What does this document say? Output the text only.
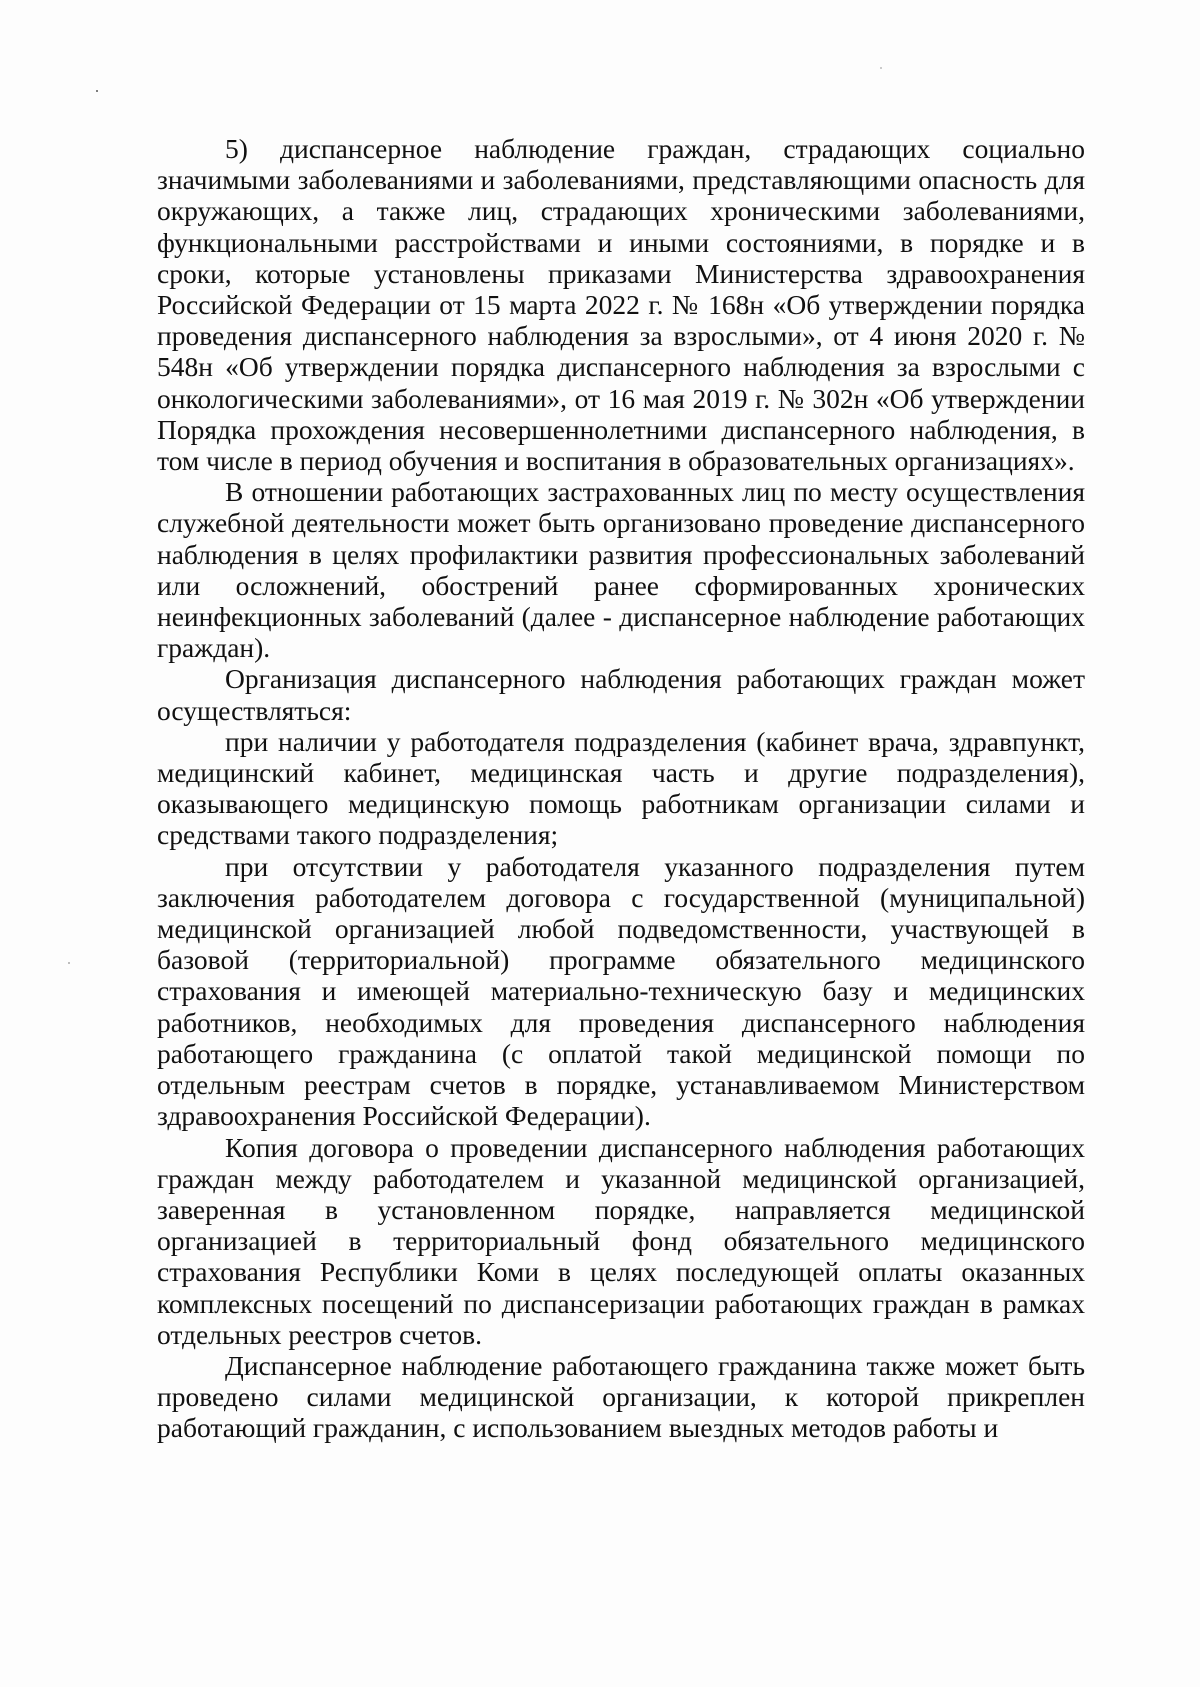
5) диспансерное наблюдение граждан, страдающих социально значимыми заболеваниями и заболеваниями, представляющими опасность для окружающих, а также лиц, страдающих хроническими заболеваниями, функциональными расстройствами и иными состояниями, в порядке и в сроки, которые установлены приказами Министерства здравоохранения Российской Федерации от 15 марта 2022 г. № 168н «Об утверждении порядка проведения диспансерного наблюдения за взрослыми», от 4 июня 2020 г. № 548н «Об утверждении порядка диспансерного наблюдения за взрослыми с онкологическими заболеваниями», от 16 мая 2019 г. № 302н «Об утверждении Порядка прохождения несовершеннолетними диспансерного наблюдения, в том числе в период обучения и воспитания в образовательных организациях».

В отношении работающих застрахованных лиц по месту осуществления служебной деятельности может быть организовано проведение диспансерного наблюдения в целях профилактики развития профессиональных заболеваний или осложнений, обострений ранее сформированных хронических неинфекционных заболеваний (далее - диспансерное наблюдение работающих граждан).

Организация диспансерного наблюдения работающих граждан может осуществляться:

при наличии у работодателя подразделения (кабинет врача, здравпункт, медицинский кабинет, медицинская часть и другие подразделения), оказывающего медицинскую помощь работникам организации силами и средствами такого подразделения;

при отсутствии у работодателя указанного подразделения путем заключения работодателем договора с государственной (муниципальной) медицинской организацией любой подведомственности, участвующей в базовой (территориальной) программе обязательного медицинского страхования и имеющей материально-техническую базу и медицинских работников, необходимых для проведения диспансерного наблюдения работающего гражданина (с оплатой такой медицинской помощи по отдельным реестрам счетов в порядке, устанавливаемом Министерством здравоохранения Российской Федерации).

Копия договора о проведении диспансерного наблюдения работающих граждан между работодателем и указанной медицинской организацией, заверенная в установленном порядке, направляется медицинской организацией в территориальный фонд обязательного медицинского страхования Республики Коми в целях последующей оплаты оказанных комплексных посещений по диспансеризации работающих граждан в рамках отдельных реестров счетов.

Диспансерное наблюдение работающего гражданина также может быть проведено силами медицинской организации, к которой прикреплен работающий гражданин, с использованием выездных методов работы и
